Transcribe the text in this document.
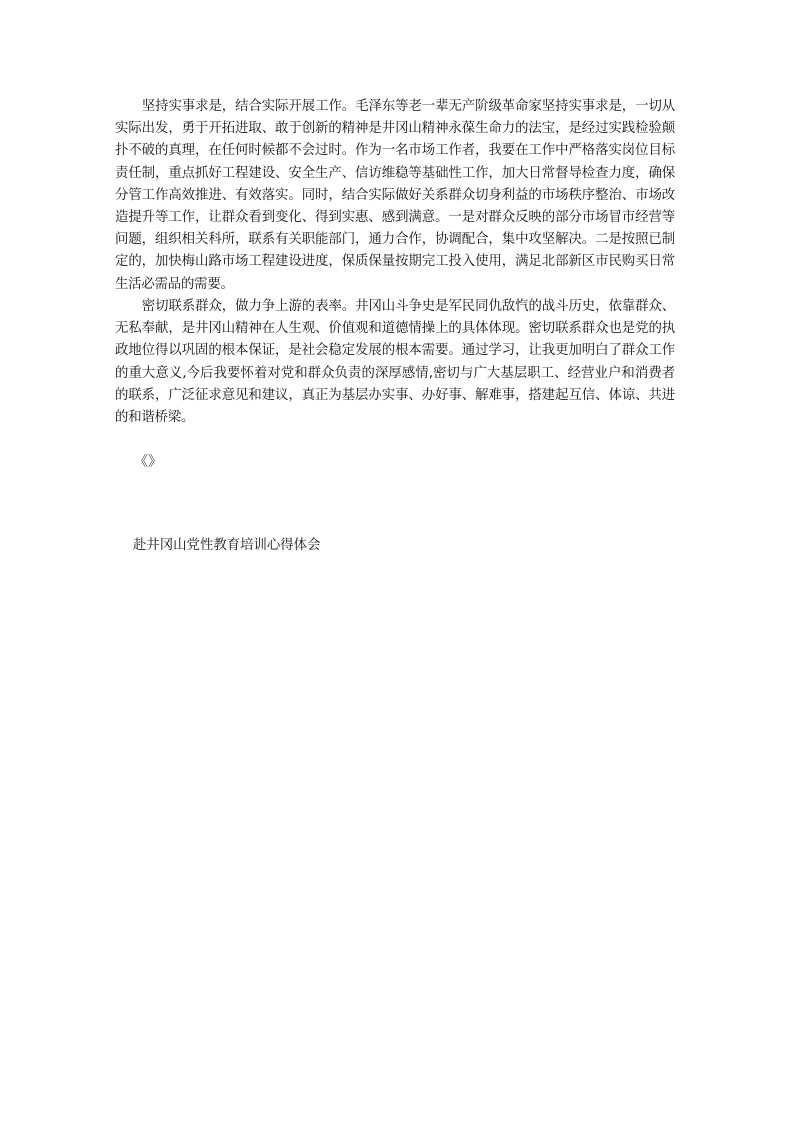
坚持实事求是，结合实际开展工作。毛泽东等老一辈无产阶级革命家坚持实事求是，一切从实际出发，勇于开拓进取、敢于创新的精神是井冈山精神永葆生命力的法宝，是经过实践检验颠扑不破的真理，在任何时候都不会过时。作为一名市场工作者，我要在工作中严格落实岗位目标责任制，重点抓好工程建设、安全生产、信访维稳等基础性工作，加大日常督导检查力度，确保分管工作高效推进、有效落实。同时，结合实际做好关系群众切身利益的市场秩序整治、市场改造提升等工作，让群众看到变化、得到实惠、感到满意。一是对群众反映的部分市场冒市经营等问题，组织相关科所，联系有关职能部门，通力合作，协调配合，集中攻坚解决。二是按照已制定的，加快梅山路市场工程建设进度，保质保量按期完工投入使用，满足北部新区市民购买日常生活必需品的需要。

密切联系群众，做力争上游的表率。井冈山斗争史是军民同仇敌忾的战斗历史，依靠群众、无私奉献，是井冈山精神在人生观、价值观和道德情操上的具体体现。密切联系群众也是党的执政地位得以巩固的根本保证，是社会稳定发展的根本需要。通过学习，让我更加明白了群众工作的重大意义,今后我要怀着对党和群众负责的深厚感情,密切与广大基层职工、经营业户和消费者的联系，广泛征求意见和建议，真正为基层办实事、办好事、解难事，搭建起互信、体谅、共进的和谐桥梁。

《》
赴井冈山党性教育培训心得体会
